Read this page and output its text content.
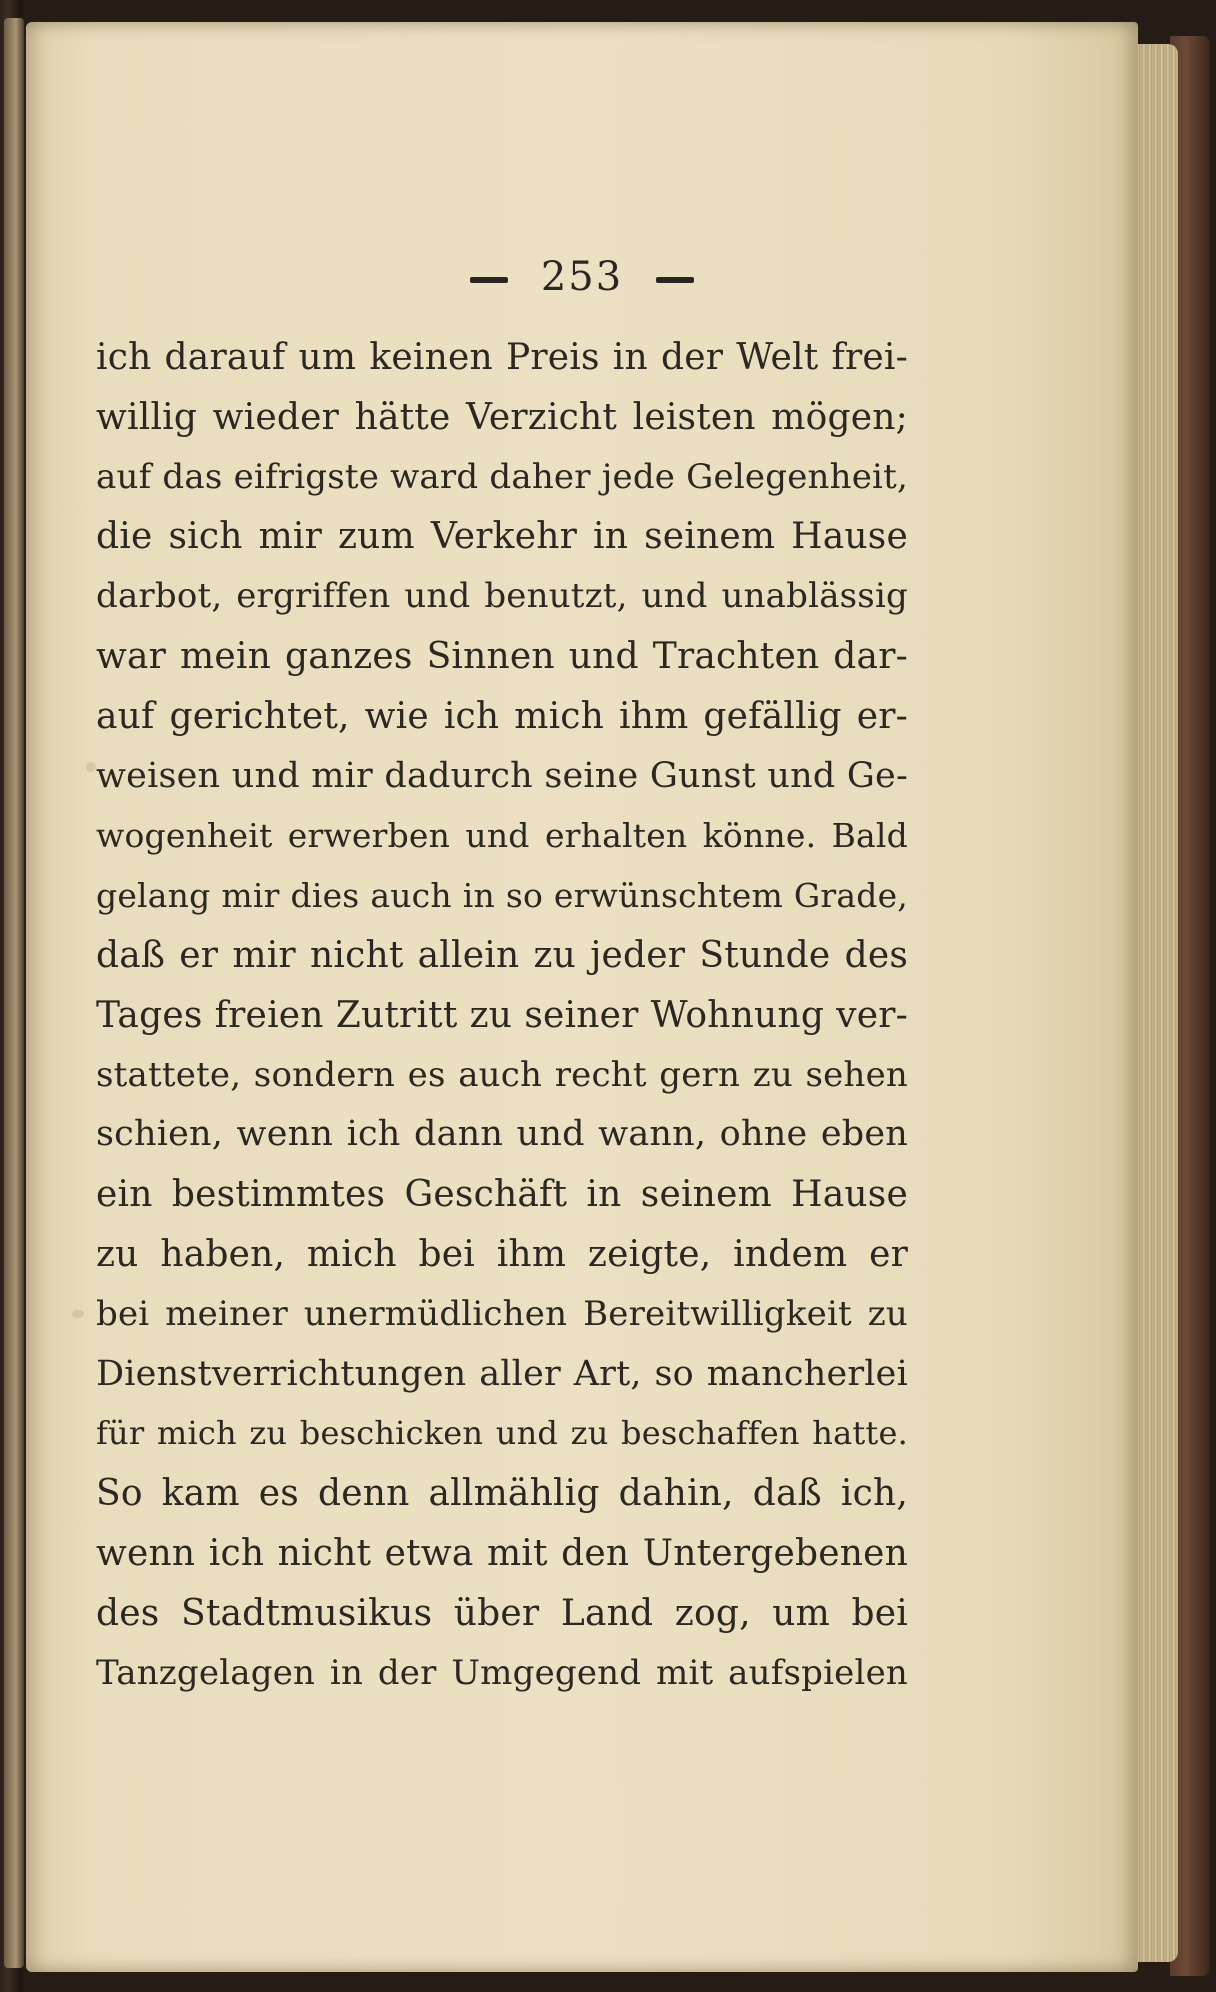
253
ich darauf um keinen Preis in der Welt frei-
willig wieder hätte Verzicht leisten mögen;
auf das eifrigste ward daher jede Gelegenheit,
die sich mir zum Verkehr in seinem Hause
darbot, ergriffen und benutzt, und unablässig
war mein ganzes Sinnen und Trachten dar-
auf gerichtet, wie ich mich ihm gefällig er-
weisen und mir dadurch seine Gunst und Ge-
wogenheit erwerben und erhalten könne. Bald
gelang mir dies auch in so erwünschtem Grade,
daß er mir nicht allein zu jeder Stunde des
Tages freien Zutritt zu seiner Wohnung ver-
stattete, sondern es auch recht gern zu sehen
schien, wenn ich dann und wann, ohne eben
ein bestimmtes Geschäft in seinem Hause
zu haben, mich bei ihm zeigte, indem er
bei meiner unermüdlichen Bereitwilligkeit zu
Dienstverrichtungen aller Art, so mancherlei
für mich zu beschicken und zu beschaffen hatte.
So kam es denn allmählig dahin, daß ich,
wenn ich nicht etwa mit den Untergebenen
des Stadtmusikus über Land zog, um bei
Tanzgelagen in der Umgegend mit aufspielen
